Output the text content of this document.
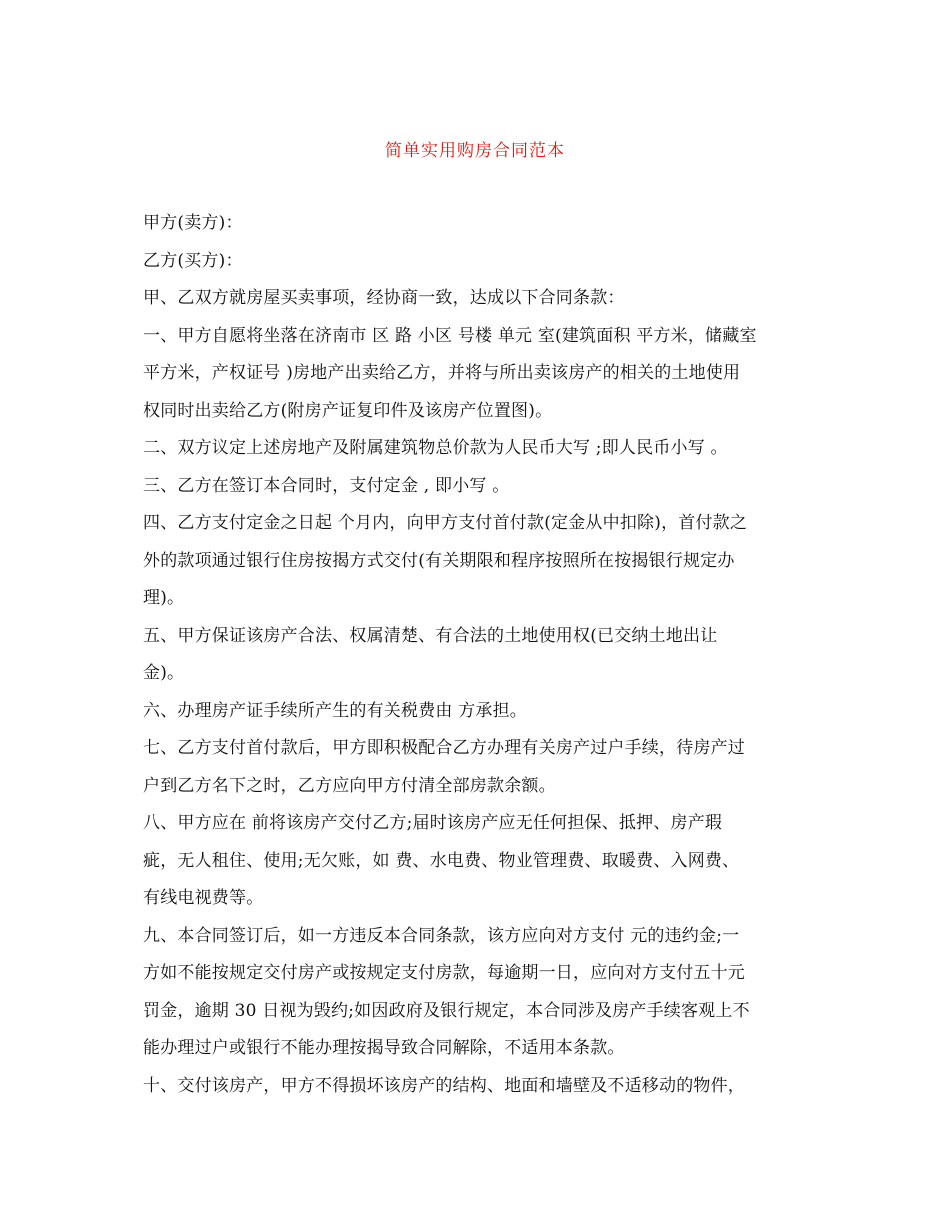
简单实用购房合同范本
甲方(卖方)：
乙方(买方)：
甲、乙双方就房屋买卖事项，经协商一致，达成以下合同条款：
一、甲方自愿将坐落在济南市 区 路 小区 号楼 单元 室(建筑面积 平方米，储藏室
平方米，产权证号 )房地产出卖给乙方，并将与所出卖该房产的相关的土地使用
权同时出卖给乙方(附房产证复印件及该房产位置图)。
二、双方议定上述房地产及附属建筑物总价款为人民币大写 ;即人民币小写 。
三、乙方在签订本合同时，支付定金 , 即小写 。
四、乙方支付定金之日起 个月内，向甲方支付首付款(定金从中扣除)，首付款之
外的款项通过银行住房按揭方式交付(有关期限和程序按照所在按揭银行规定办
理)。
五、甲方保证该房产合法、权属清楚、有合法的土地使用权(已交纳土地出让
金)。
六、办理房产证手续所产生的有关税费由 方承担。
七、乙方支付首付款后，甲方即积极配合乙方办理有关房产过户手续，待房产过
户到乙方名下之时，乙方应向甲方付清全部房款余额。
八、甲方应在 前将该房产交付乙方;届时该房产应无任何担保、抵押、房产瑕
疵，无人租住、使用;无欠账，如 费、水电费、物业管理费、取暖费、入网费、
有线电视费等。
九、本合同签订后，如一方违反本合同条款，该方应向对方支付 元的违约金;一
方如不能按规定交付房产或按规定支付房款，每逾期一日，应向对方支付五十元
罚金，逾期 30 日视为毁约;如因政府及银行规定，本合同涉及房产手续客观上不
能办理过户或银行不能办理按揭导致合同解除，不适用本条款。
十、交付该房产，甲方不得损坏该房产的结构、地面和墙壁及不适移动的物件，
